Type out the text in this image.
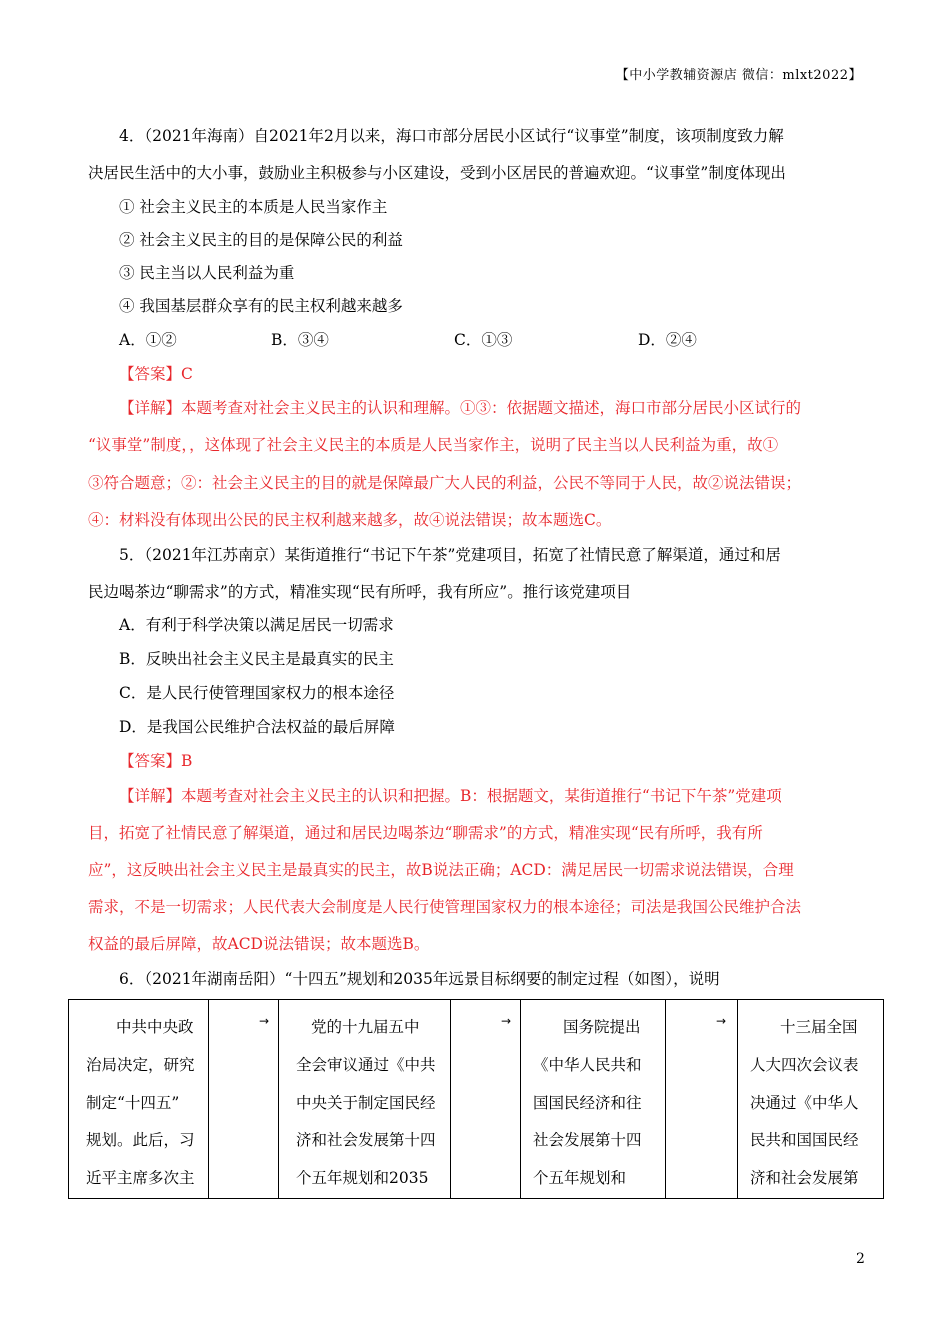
【中小学教辅资源店 微信：mlxt2022】
4．（2021年海南）自2021年2月以来，海口市部分居民小区试行“议事堂”制度，该项制度致力解
决居民生活中的大小事，鼓励业主积极参与小区建设，受到小区居民的普遍欢迎。“议事堂”制度体现出
① 社会主义民主的本质是人民当家作主
② 社会主义民主的目的是保障公民的利益
③ 民主当以人民利益为重
④ 我国基层群众享有的民主权利越来越多
A．①②	B．③④	C．①③	D．②④
【答案】C
【详解】本题考查对社会主义民主的认识和理解。①③：依据题文描述，海口市部分居民小区试行的
“议事堂”制度，，这体现了社会主义民主的本质是人民当家作主，说明了民主当以人民利益为重，故①
③符合题意；②：社会主义民主的目的就是保障最广大人民的利益，公民不等同于人民，故②说法错误；
④：材料没有体现出公民的民主权利越来越多，故④说法错误；故本题选C。
5．（2021年江苏南京）某街道推行“书记下午茶”党建项目，拓宽了社情民意了解渠道，通过和居
民边喝茶边“聊需求”的方式，精准实现“民有所呼，我有所应”。推行该党建项目
A．有利于科学决策以满足居民一切需求
B．反映出社会主义民主是最真实的民主
C．是人民行使管理国家权力的根本途径
D．是我国公民维护合法权益的最后屏障
【答案】B
【详解】本题考查对社会主义民主的认识和把握。B：根据题文，某街道推行“书记下午茶”党建项
目，拓宽了社情民意了解渠道，通过和居民边喝茶边“聊需求”的方式，精准实现“民有所呼，我有所
应”，这反映出社会主义民主是最真实的民主，故B说法正确；ACD：满足居民一切需求说法错误，合理
需求，不是一切需求；人民代表大会制度是人民行使管理国家权力的根本途径；司法是我国公民维护合法
权益的最后屏障，故ACD说法错误；故本题选B。
6．（2021年湖南岳阳）“十四五”规划和2035年远景目标纲要的制定过程（如图），说明
中共中央政
治局决定，研究
制定“十四五”
规划。此后，习
近平主席多次主
	→	党的十九届五中
全会审议通过《中共
中央关于制定国民经
济和社会发展第十四
个五年规划和2035
	→	国务院提出
《中华人民共和
国国民经济和往
社会发展第十四
个五年规划和
	→	十三届全国
人大四次会议表
决通过《中华人
民共和国国民经
济和社会发展第
2
